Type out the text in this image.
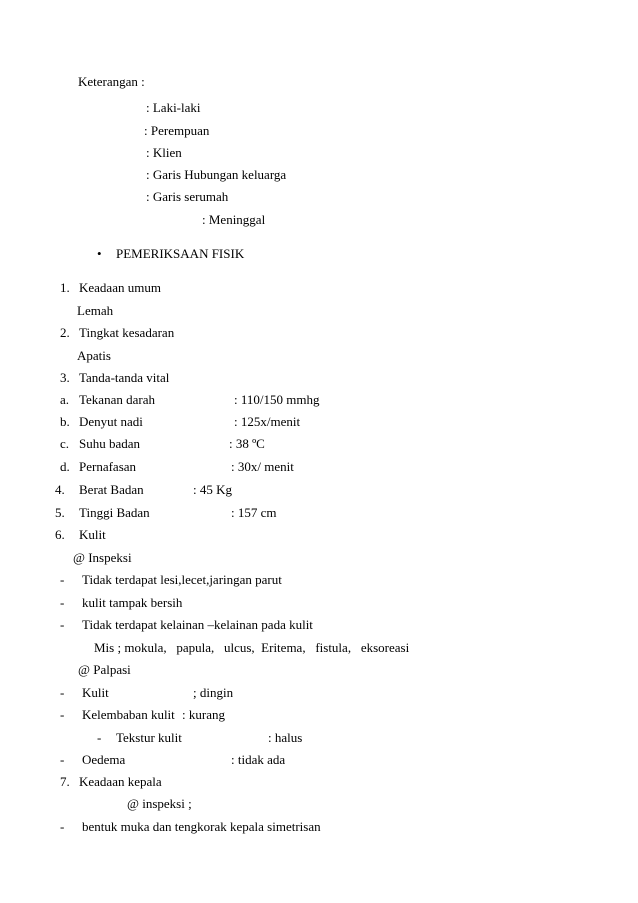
Keterangan :
: Laki-laki
: Perempuan
: Klien
: Garis Hubungan keluarga
: Garis serumah
: Meninggal
• PEMERIKSAAN FISIK
1. Keadaan umum
Lemah
2. Tingkat kesadaran
Apatis
3. Tanda-tanda vital
a. Tekanan darah	: 110/150 mmhg
b. Denyut nadi	: 125x/menit
c. Suhu badan	: 38 ºC
d. Pernafasan	: 30x/ menit
4. Berat Badan	: 45 Kg
5. Tinggi Badan	: 157 cm
6. Kulit
@ Inspeksi
- Tidak terdapat lesi,lecet,jaringan parut
- kulit tampak bersih
- Tidak terdapat kelainan –kelainan pada kulit
Mis ; mokula,   papula,   ulcus,  Eritema,   fistula,   eksoreasi
@ Palpasi
- Kulit	; dingin
- Kelembaban kulit : kurang
- Tekstur kulit	: halus
- Oedema	: tidak ada
7. Keadaan kepala
@ inspeksi ;
- bentuk muka dan tengkorak kepala simetrisan
